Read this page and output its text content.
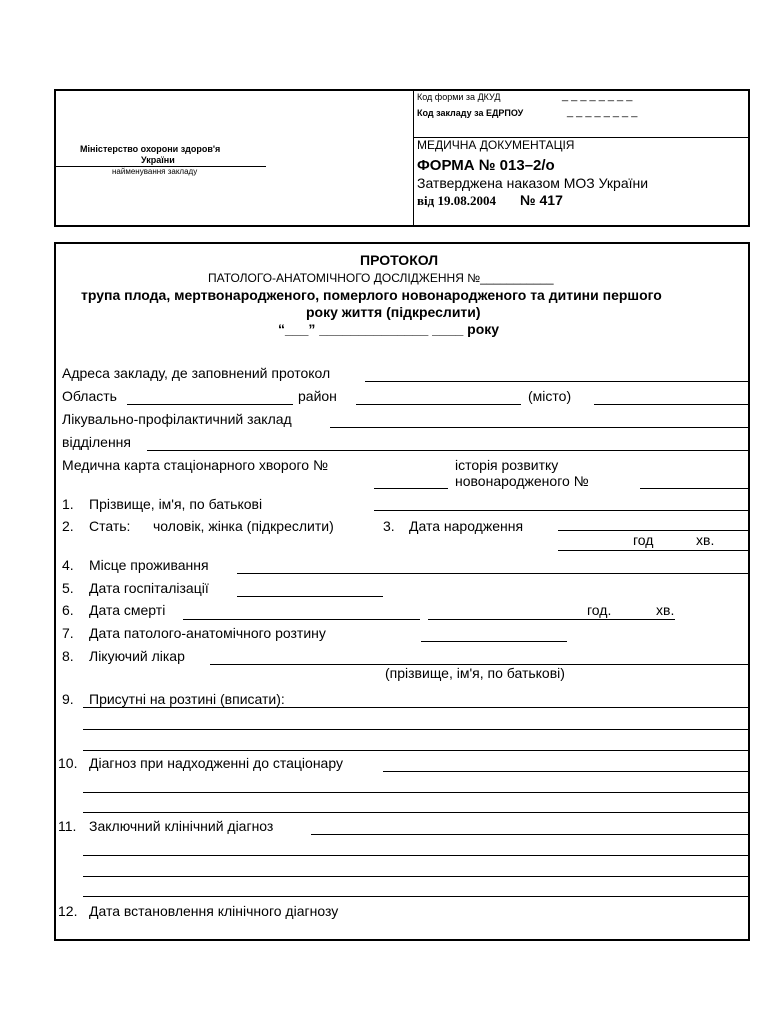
Міністерство охорони здоров'я
України
найменування закладу
Код форми за ДКУД	_ _ _ _ _ _ _ _
Код закладу за ЕДРПОУ	_ _ _ _ _ _ _ _
МЕДИЧНА ДОКУМЕНТАЦІЯ
ФОРМА № 013–2/о
Затверджена наказом МОЗ України
від 19.08.2004 № 417
ПРОТОКОЛ
ПАТОЛОГО-АНАТОМІЧНОГО ДОСЛІДЖЕННЯ №___________
трупа плода, мертвонародженого, померлого новонародженого та дитини першого
року життя (підкреслити)
“___” ______________ ____ року
Адреса закладу, де заповнений протокол
Область	район	(місто)
Лікувально-профілактичний заклад
відділення
Медична карта стаціонарного хворого №	історія розвитку
новонародженого №
1. Прізвище, ім'я, по батькові
2. Стать: чоловік, жінка (підкреслити)	3. Дата народження
год	хв.
4. Місце проживання
5. Дата госпіталізації
6. Дата смерті	год.	хв.
7. Дата патолого-анатомічного розтину
8. Лікуючий лікар
(прізвище, ім'я, по батькові)
9. Присутні на розтині (вписати):
10. Діагноз при надходженні до стаціонару
11. Заключний клінічний діагноз
12. Дата встановлення клінічного діагнозу
